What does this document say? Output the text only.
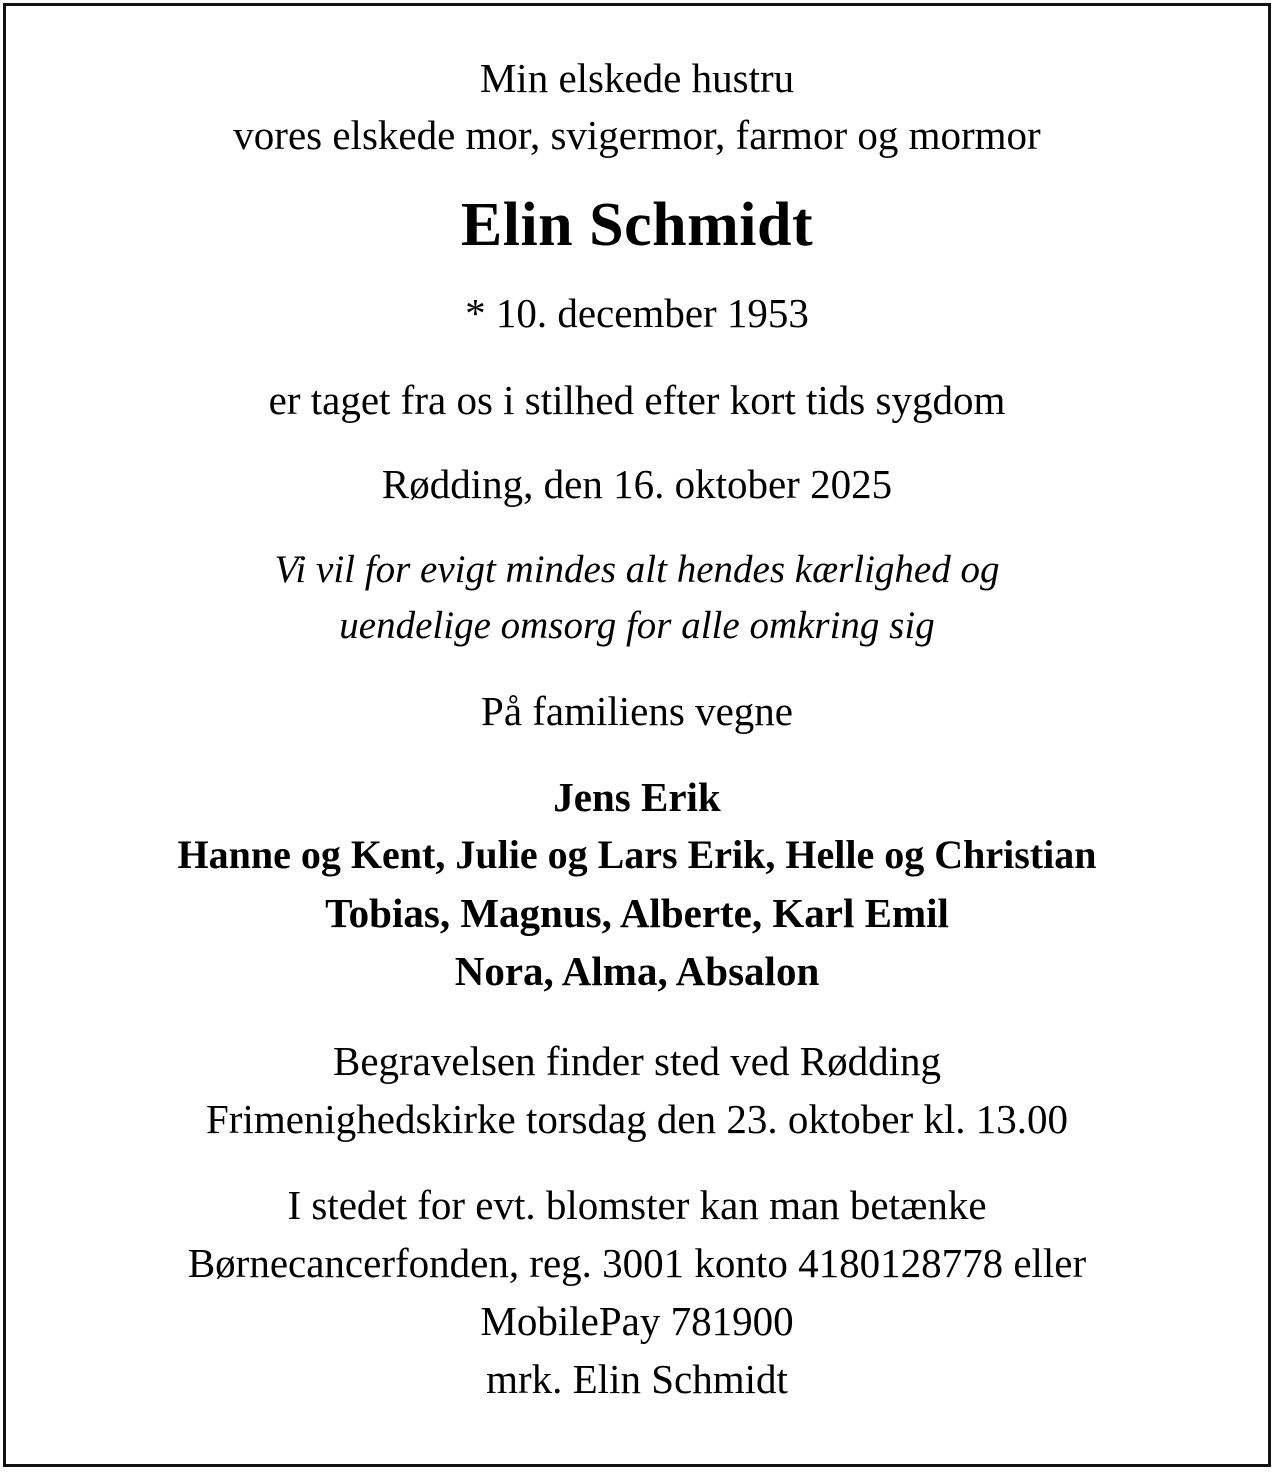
Min elskede hustru
vores elskede mor, svigermor, farmor og mormor
Elin Schmidt
* 10. december 1953
er taget fra os i stilhed efter kort tids sygdom
Rødding, den 16. oktober 2025
Vi vil for evigt mindes alt hendes kærlighed og
uendelige omsorg for alle omkring sig
På familiens vegne
Jens Erik
Hanne og Kent, Julie og Lars Erik, Helle og Christian
Tobias, Magnus, Alberte, Karl Emil
Nora, Alma, Absalon
Begravelsen finder sted ved Rødding
Frimenighedskirke torsdag den 23. oktober kl. 13.00
I stedet for evt. blomster kan man betænke
Børnecancerfonden, reg. 3001 konto 4180128778 eller
MobilePay 781900
mrk. Elin Schmidt
